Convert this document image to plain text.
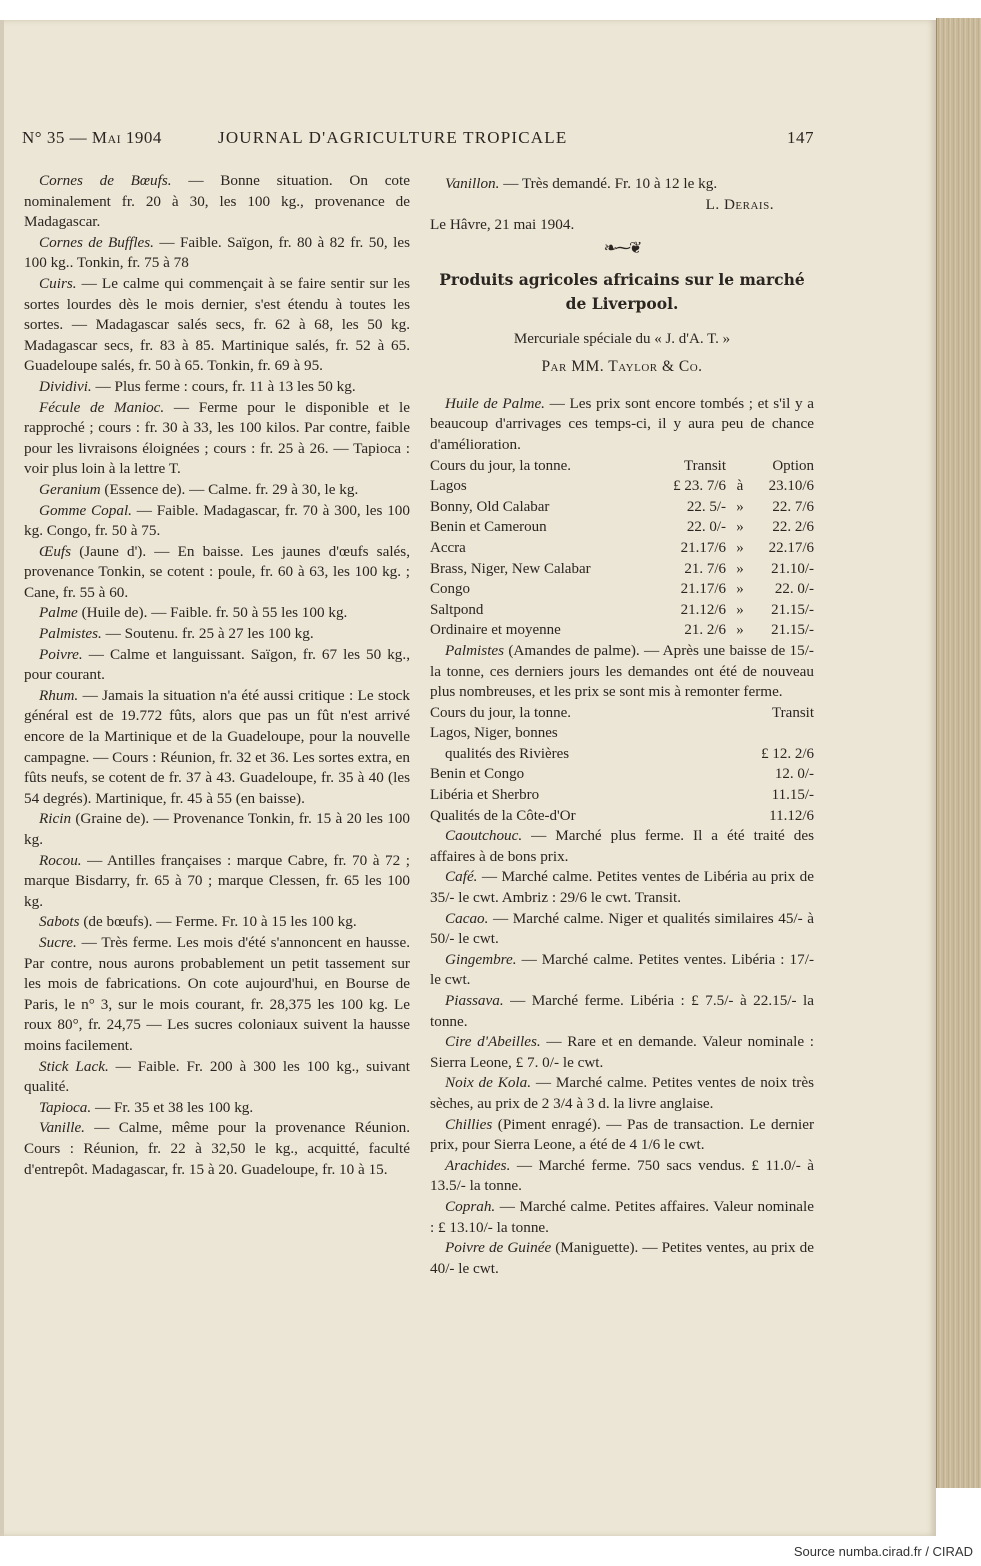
N° 35 — Mai 1904	JOURNAL D'AGRICULTURE TROPICALE	147

Cornes de Bœufs. — Bonne situation. On cote nominalement fr. 20 à 30, les 100 kg., provenance de Madagascar.

Cornes de Buffles. — Faible. Saïgon, fr. 80 à 82 fr. 50, les 100 kg.. Tonkin, fr. 75 à 78

Cuirs. — Le calme qui commençait à se faire sentir sur les sortes lourdes dès le mois dernier, s'est étendu à toutes les sortes. — Madagascar salés secs, fr. 62 à 68, les 50 kg. Madagascar secs, fr. 83 à 85. Martinique salés, fr. 52 à 65. Guadeloupe salés, fr. 50 à 65. Tonkin, fr. 69 à 95.

Dividivi. — Plus ferme : cours, fr. 11 à 13 les 50 kg.

Fécule de Manioc. — Ferme pour le disponible et le rapproché ; cours : fr. 30 à 33, les 100 kilos. Par contre, faible pour les livraisons éloignées ; cours : fr. 25 à 26. — Tapioca : voir plus loin à la lettre T.

Geranium (Essence de). — Calme. fr. 29 à 30, le kg.

Gomme Copal. — Faible. Madagascar, fr. 70 à 300, les 100 kg. Congo, fr. 50 à 75.

Œufs (Jaune d'). — En baisse. Les jaunes d'œufs salés, provenance Tonkin, se cotent : poule, fr. 60 à 63, les 100 kg. ; Cane, fr. 55 à 60.

Palme (Huile de). — Faible. fr. 50 à 55 les 100 kg.

Palmistes. — Soutenu. fr. 25 à 27 les 100 kg.

Poivre. — Calme et languissant. Saïgon, fr. 67 les 50 kg., pour courant.

Rhum. — Jamais la situation n'a été aussi critique : Le stock général est de 19.772 fûts, alors que pas un fût n'est arrivé encore de la Martinique et de la Guadeloupe, pour la nouvelle campagne. — Cours : Réunion, fr. 32 et 36. Les sortes extra, en fûts neufs, se cotent de fr. 37 à 43. Guadeloupe, fr. 35 à 40 (les 54 degrés). Martinique, fr. 45 à 55 (en baisse).

Ricin (Graine de). — Provenance Tonkin, fr. 15 à 20 les 100 kg.

Rocou. — Antilles françaises : marque Cabre, fr. 70 à 72 ; marque Bisdarry, fr. 65 à 70 ; marque Clessen, fr. 65 les 100 kg.

Sabots (de bœufs). — Ferme. Fr. 10 à 15 les 100 kg.

Sucre. — Très ferme. Les mois d'été s'annoncent en hausse. Par contre, nous aurons probablement un petit tassement sur les mois de fabrications. On cote aujourd'hui, en Bourse de Paris, le n° 3, sur le mois courant, fr. 28,375 les 100 kg. Le roux 80°, fr. 24,75 — Les sucres coloniaux suivent la hausse moins facilement.

Stick Lack. — Faible. Fr. 200 à 300 les 100 kg., suivant qualité.

Tapioca. — Fr. 35 et 38 les 100 kg.

Vanille. — Calme, même pour la provenance Réunion. Cours : Réunion, fr. 22 à 32,50 le kg., acquitté, faculté d'entrepôt. Madagascar, fr. 15 à 20. Guadeloupe, fr. 10 à 15.

Vanillon. — Très demandé. Fr. 10 à 12 le kg.

L. Derais.

Le Hâvre, 21 mai 1904.

❧⁓❦
Produits agricoles africains sur le marché de Liverpool.
Mercuriale spéciale du « J. d'A. T. »
Par MM. Taylor & Co.

Huile de Palme. — Les prix sont encore tombés ; et s'il y a beaucoup d'arrivages ces temps-ci, il y aura peu de chance d'amélioration.

Cours du jour, la tonne.	Transit		Option
Lagos	£ 23. 7/6	à	23.10/6
Bonny, Old Calabar	22. 5/-	»	22. 7/6
Benin et Cameroun	22. 0/-	»	22. 2/6
Accra	21.17/6	»	22.17/6
Brass, Niger, New Calabar	21. 7/6	»	21.10/-
Congo	21.17/6	»	22. 0/-
Saltpond	21.12/6	»	21.15/-
Ordinaire et moyenne	21. 2/6	»	21.15/-

Palmistes (Amandes de palme). — Après une baisse de 15/- la tonne, ces derniers jours les demandes ont été de nouveau plus nombreuses, et les prix se sont mis à remonter ferme.

Cours du jour, la tonne.	Transit
Lagos, Niger, bonnes	
qualités des Rivières	£ 12. 2/6
Benin et Congo	12. 0/-
Libéria et Sherbro	11.15/-
Qualités de la Côte-d'Or	11.12/6

Caoutchouc. — Marché plus ferme. Il a été traité des affaires à de bons prix.

Café. — Marché calme. Petites ventes de Libéria au prix de 35/- le cwt. Ambriz : 29/6 le cwt. Transit.

Cacao. — Marché calme. Niger et qualités similaires 45/- à 50/- le cwt.

Gingembre. — Marché calme. Petites ventes. Libéria : 17/- le cwt.

Piassava. — Marché ferme. Libéria : £ 7.5/- à 22.15/- la tonne.

Cire d'Abeilles. — Rare et en demande. Valeur nominale : Sierra Leone, £ 7. 0/- le cwt.

Noix de Kola. — Marché calme. Petites ventes de noix très sèches, au prix de 2 3/4 à 3 d. la livre anglaise.

Chillies (Piment enragé). — Pas de transaction. Le dernier prix, pour Sierra Leone, a été de 4 1/6 le cwt.

Arachides. — Marché ferme. 750 sacs vendus. £ 11.0/- à 13.5/- la tonne.

Coprah. — Marché calme. Petites affaires. Valeur nominale : £ 13.10/- la tonne.

Poivre de Guinée (Maniguette). — Petites ventes, au prix de 40/- le cwt.

Source numba.cirad.fr / CIRAD
